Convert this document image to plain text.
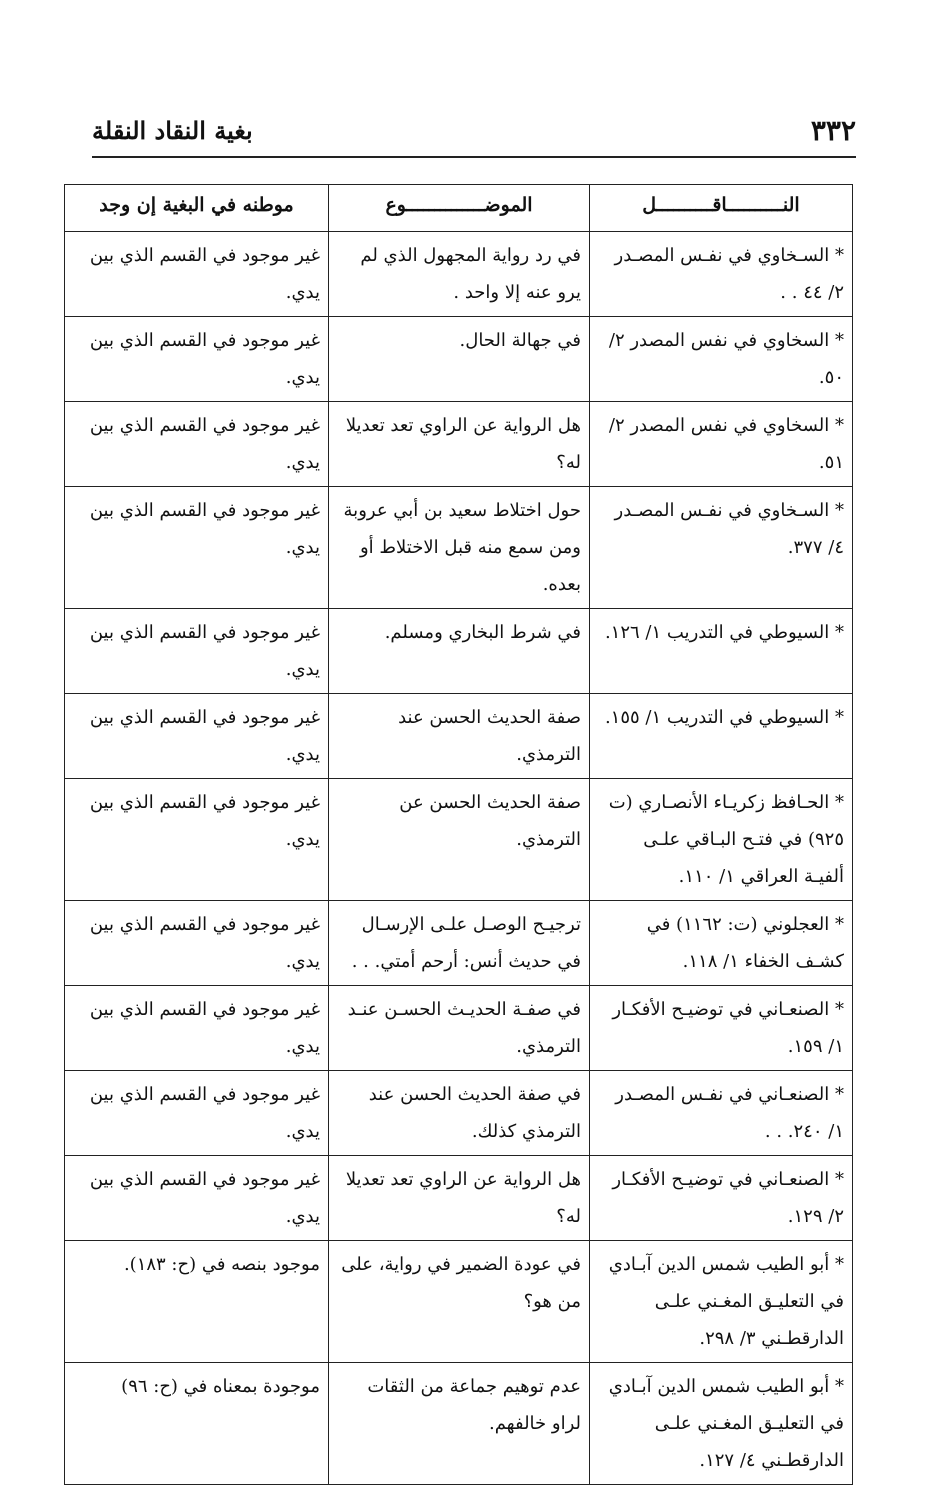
٣٣٢
بغية النقاد النقلة
النــــــــــاقــــــــــل	الموضــــــــــــــوع	موطنه في البغية إن وجد
* السـخاوي في نفـس المصـدر ٢/ ٤٤ . .	في رد رواية المجهول الذي لم يرو عنه إلا واحد .	غير موجود في القسم الذي بين يدي.
* السخاوي في نفس المصدر ٢/ ٥٠.	في جهالة الحال.	غير موجود في القسم الذي بين يدي.
* السخاوي في نفس المصدر ٢/ ٥١.	هل الرواية عن الراوي تعد تعديلا له؟	غير موجود في القسم الذي بين يدي.
* السـخاوي في نفـس المصـدر ٤/ ٣٧٧.	حول اختلاط سعيد بن أبي عروبة ومن سمع منه قبل الاختلاط أو بعده.	غير موجود في القسم الذي بين يدي.
* السيوطي في التدريب ١/ ١٢٦.	في شرط البخاري ومسلم.	غير موجود في القسم الذي بين يدي.
* السيوطي في التدريب ١/ ١٥٥.	صفة الحديث الحسن عند الترمذي.	غير موجود في القسم الذي بين يدي.
* الحـافظ زكريـاء الأنصـاري (ت ٩٢٥) في فتـح البـاقي علـى ألفيـة العراقي ١/ ١١٠.	صفة الحديث الحسن عن الترمذي.	غير موجود في القسم الذي بين يدي.
* العجلوني (ت: ١١٦٢) في كشـف الخفاء ١/ ١١٨.	ترجيـح الوصـل علـى الإرسـال في حديث أنس: أرحم أمتي. . .	غير موجود في القسم الذي بين يدي.
* الصنعـاني في توضيـح الأفكـار ١/ ١٥٩.	في صفـة الحديـث الحسـن عنـد الترمذي.	غير موجود في القسم الذي بين يدي.
* الصنعـاني في نفـس المصـدر ١/ ٢٤٠. . .	في صفة الحديث الحسن عند الترمذي كذلك.	غير موجود في القسم الذي بين يدي.
* الصنعـاني في توضيـح الأفكـار ٢/ ١٢٩.	هل الرواية عن الراوي تعد تعديلا له؟	غير موجود في القسم الذي بين يدي.
* أبو الطيب شمس الدين آبـادي في التعليـق المغـني علـى الدارقطـني ٣/ ٢٩٨.	في عودة الضمير في رواية، على من هو؟	موجود بنصه في (ح: ١٨٣).
* أبو الطيب شمس الدين آبـادي في التعليـق المغـني علـى الدارقطـني ٤/ ١٢٧.	عدم توهيم جماعة من الثقات لراو خالفهم.	موجودة بمعناه في (ح: ٩٦)
